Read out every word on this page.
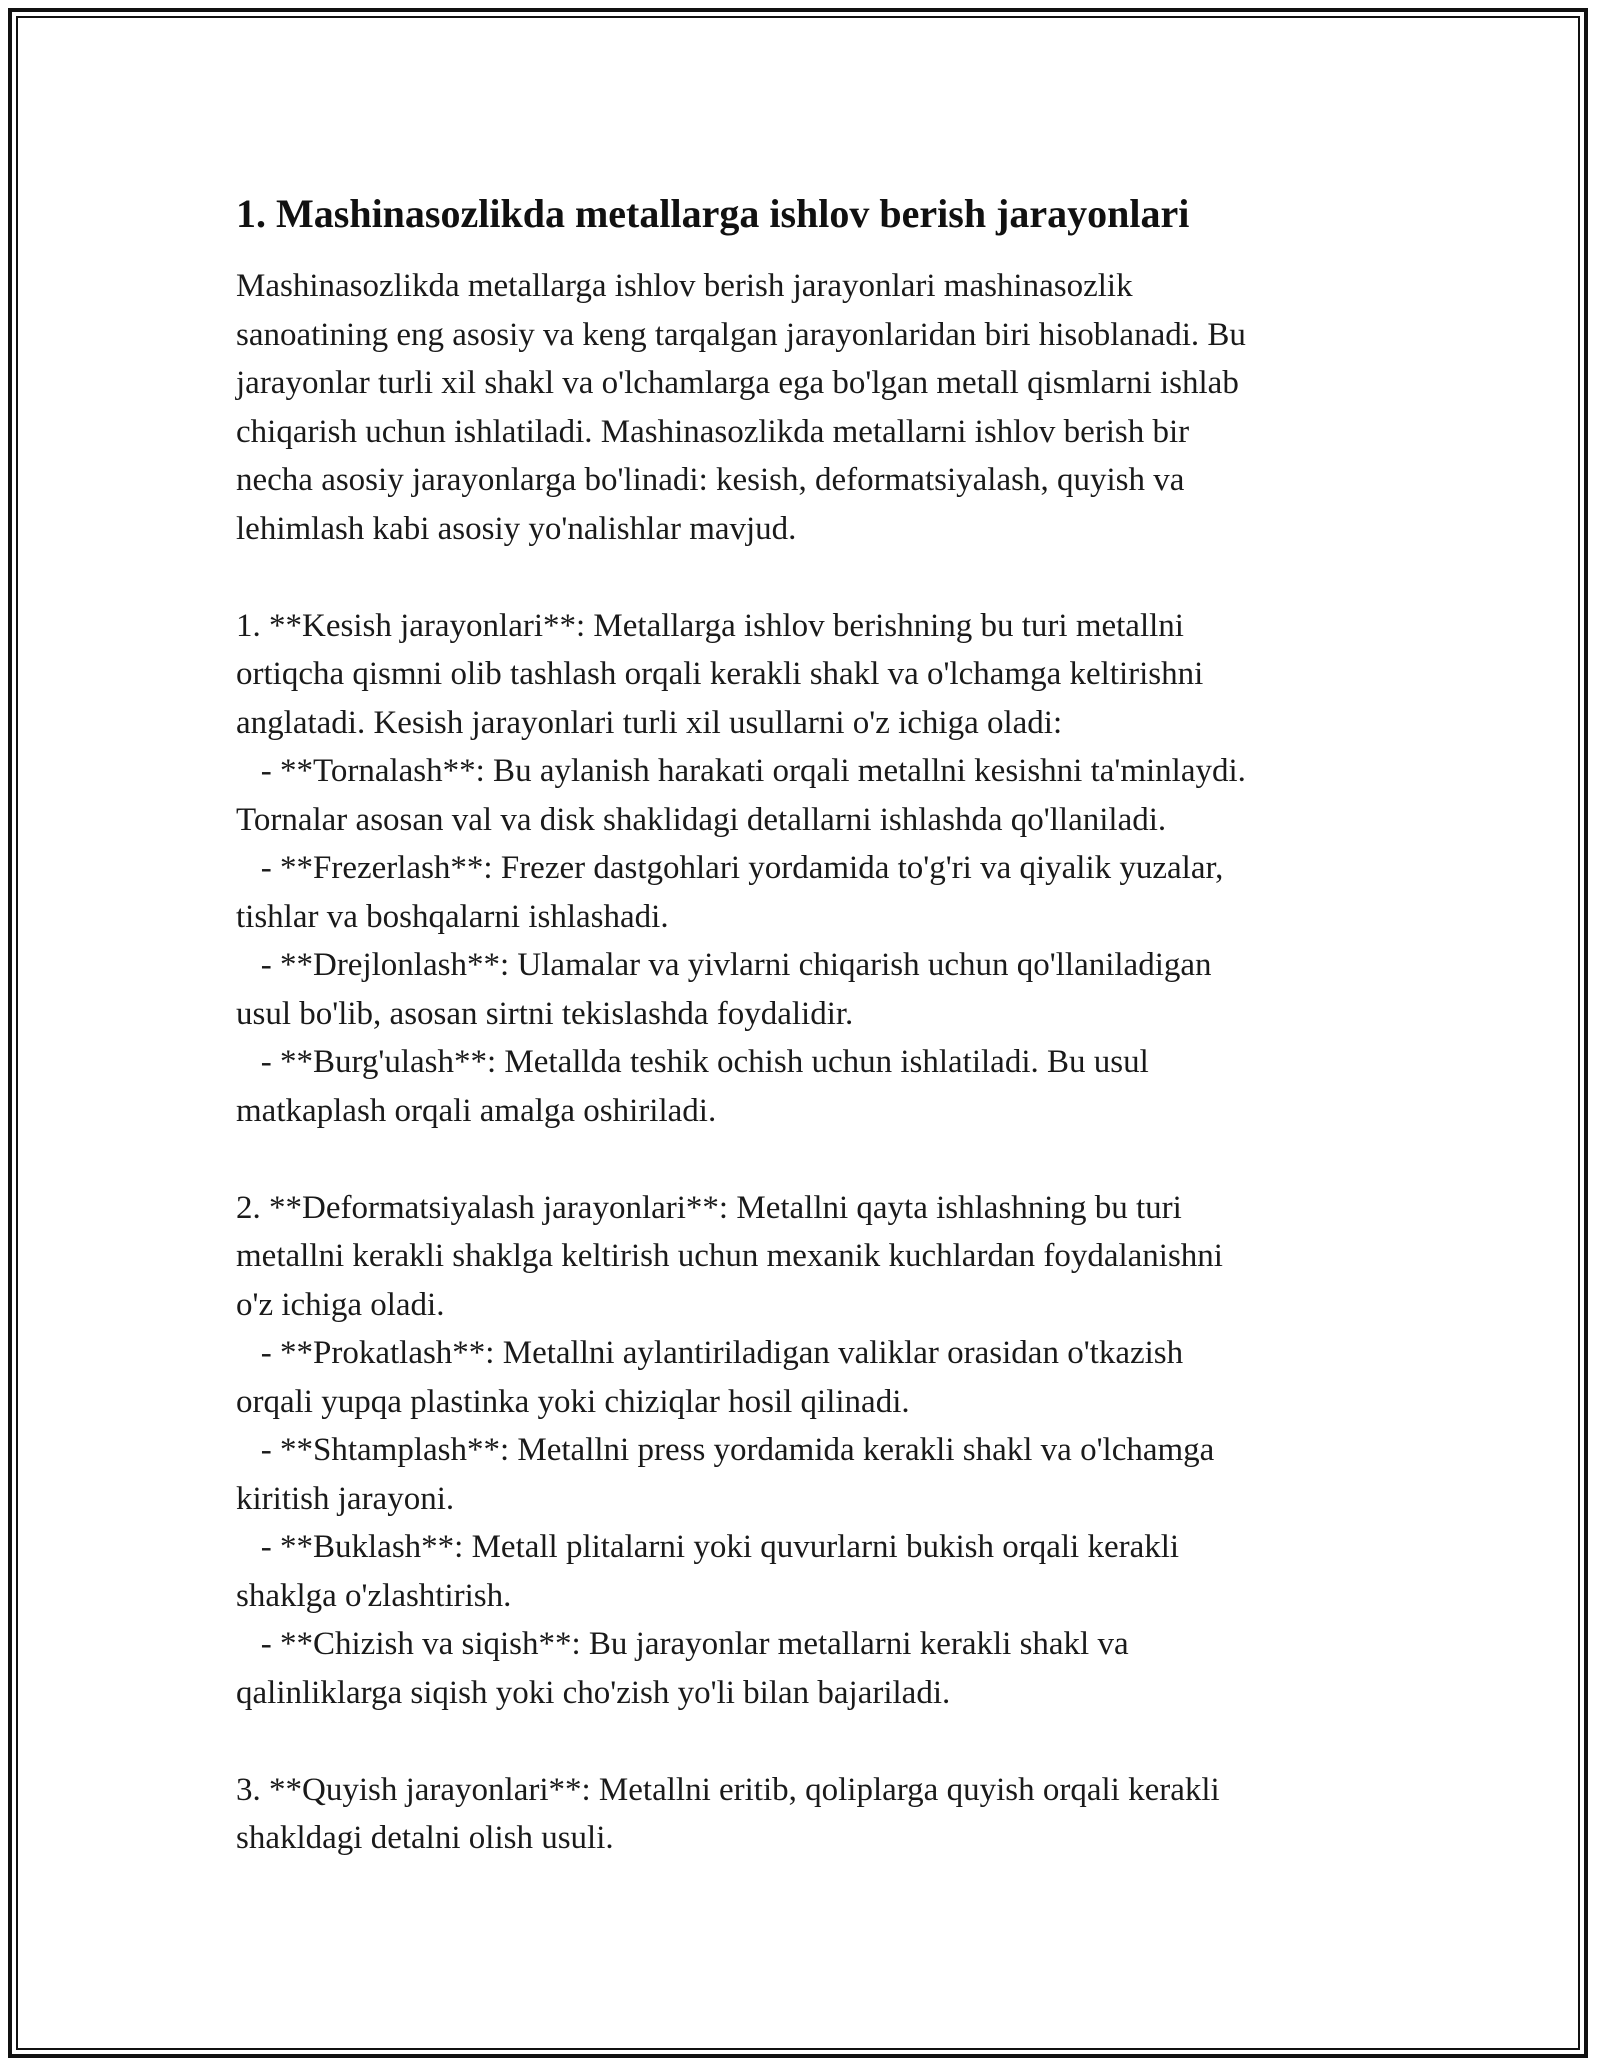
1. Mashinasozlikda metallarga ishlov berish jarayonlari

Mashinasozlikda metallarga ishlov berish jarayonlari mashinasozlik
sanoatining eng asosiy va keng tarqalgan jarayonlaridan biri hisoblanadi. Bu
jarayonlar turli xil shakl va o'lchamlarga ega bo'lgan metall qismlarni ishlab
chiqarish uchun ishlatiladi. Mashinasozlikda metallarni ishlov berish bir
necha asosiy jarayonlarga bo'linadi: kesish, deformatsiyalash, quyish va
lehimlash kabi asosiy yo'nalishlar mavjud.

1. **Kesish jarayonlari**: Metallarga ishlov berishning bu turi metallni
ortiqcha qismni olib tashlash orqali kerakli shakl va o'lchamga keltirishni
anglatadi. Kesish jarayonlari turli xil usullarni o'z ichiga oladi:

- **Tornalash**: Bu aylanish harakati orqali metallni kesishni ta'minlaydi.
Tornalar asosan val va disk shaklidagi detallarni ishlashda qo'llaniladi.

- **Frezerlash**: Frezer dastgohlari yordamida to'g'ri va qiyalik yuzalar,
tishlar va boshqalarni ishlashadi.

- **Drejlonlash**: Ulamalar va yivlarni chiqarish uchun qo'llaniladigan
usul bo'lib, asosan sirtni tekislashda foydalidir.

- **Burg'ulash**: Metallda teshik ochish uchun ishlatiladi. Bu usul
matkaplash orqali amalga oshiriladi.

2. **Deformatsiyalash jarayonlari**: Metallni qayta ishlashning bu turi
metallni kerakli shaklga keltirish uchun mexanik kuchlardan foydalanishni
o'z ichiga oladi.

- **Prokatlash**: Metallni aylantiriladigan valiklar orasidan o'tkazish
orqali yupqa plastinka yoki chiziqlar hosil qilinadi.

- **Shtamplash**: Metallni press yordamida kerakli shakl va o'lchamga
kiritish jarayoni.

- **Buklash**: Metall plitalarni yoki quvurlarni bukish orqali kerakli
shaklga o'zlashtirish.

- **Chizish va siqish**: Bu jarayonlar metallarni kerakli shakl va
qalinliklarga siqish yoki cho'zish yo'li bilan bajariladi.

3. **Quyish jarayonlari**: Metallni eritib, qoliplarga quyish orqali kerakli
shakldagi detalni olish usuli.
